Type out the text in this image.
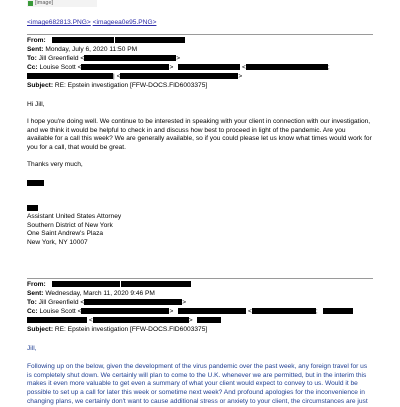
[image]
<image682813.PNG> <imageea0e95.PNG>
From:
Sent: Monday, July 6, 2020 11:50 PM
To: Jill Greenfield <	>
Cc: Louise Scott <	>	<	;
| <	>
Subject: RE: Epstein investigation [FFW-DOCS.FID6003375]
Hi Jill,
I hope you're doing well. We continue to be interested in speaking with your client in connection with our investigation, and we think it would be helpful to check in and discuss how best to proceed in light of the pandemic. Are you available for a call this week? We are generally available, so if you could please let us know what times would work for you for a call, that would be great.
Thanks very much,
Assistant United States Attorney
Southern District of New York
One Saint Andrew's Plaza
New York, NY 10007
From:
Sent: Wednesday, March 11, 2020 9:46 PM
To: Jill Greenfield <	>
Cc: Louise Scott <	>	<	;
<	>
Subject: RE: Epstein investigation [FFW-DOCS.FID6003375]
Jill,
Following up on the below, given the development of the virus pandemic over the past week, any foreign travel for us is completely shut down. We certainly will plan to come to the U.K. whenever we are permitted, but in the interim this makes it even more valuable to get even a summary of what your client would expect to convey to us. Would it be possible to set up a call for later this week or sometime next week? And profound apologies for the inconvenience in changing plans, we certainly don't want to cause additional stress or anxiety to your client, the circumstances are just
